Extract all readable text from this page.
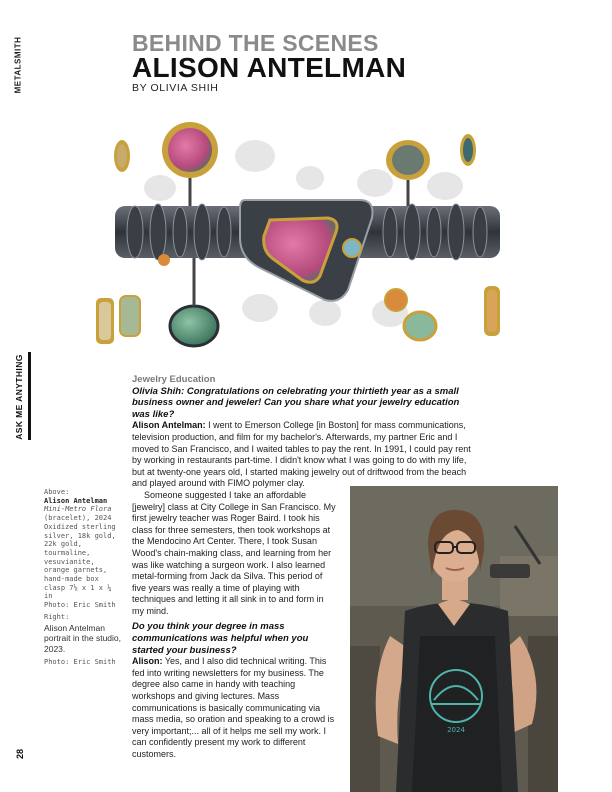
METALSMITH
ASK ME ANYTHING
28
BEHIND THE SCENES
ALISON ANTELMAN
BY OLIVIA SHIH
Jewelry Education
Olivia Shih: Congratulations on celebrating your thirtieth year as a small business owner and jeweler! Can you share what your jewelry education was like?
Alison Antelman: I went to Emerson College [in Boston] for mass communications, television production, and film for my bachelor's. Afterwards, my partner Eric and I moved to San Francisco, and I waited tables to pay the rent. In 1991, I could pay rent by working in restaurants part-time. I didn't know what I was going to do with my life, but at twenty-one years old, I started making jewelry out of driftwood from the beach and played around with FIMO polymer clay.
Someone suggested I take an affordable [jewelry] class at City College in San Francisco. My first jewelry teacher was Roger Baird. I took his class for three semesters, then took workshops at the Mendocino Art Center. There, I took Susan Wood's chain-making class, and learning from her was like watching a surgeon work. I also learned metal-forming from Jack da Silva. This period of five years was really a time of playing with techniques and letting it all sink in to and form in my mind.
Do you think your degree in mass communications was helpful when you started your business?
Alison: Yes, and I also did technical writing. This fed into writing newsletters for my business. The degree also came in handy with teaching workshops and giving lectures. Mass communications is basically communicating via mass media, so oration and speaking to a crowd is very important;... all of it helps me sell my work. I can confidently present my work to different customers.
Above:
Alison Antelman
Mini-Metro Flora
(bracelet), 2024 Oxidized sterling silver, 18k gold, 22k gold, tourmaline, vesuvianite, orange garnets, hand-made box clasp 7⅛ x 1 x ¼ in
Photo: Eric Smith
Right:
Alison Antelman portrait in the studio, 2023.
Photo: Eric Smith
2024
